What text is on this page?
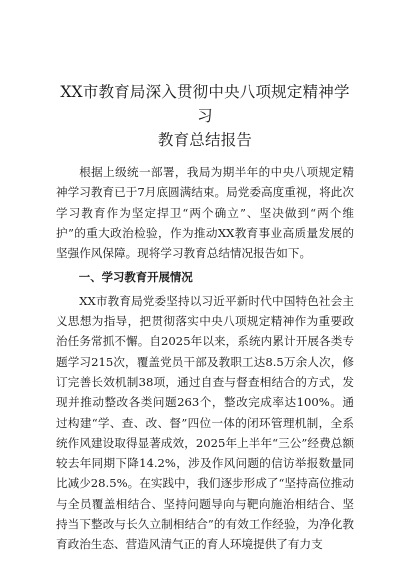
XX市教育局深入贯彻中央八项规定精神学习
教育总结报告

根据上级统一部署，我局为期半年的中央八项规定精神学习教育已于7月底圆满结束。局党委高度重视，将此次学习教育作为坚定捍卫“两个确立”、坚决做到“两个维护”的重大政治检验，作为推动XX教育事业高质量发展的坚强作风保障。现将学习教育总结情况报告如下。

一、学习教育开展情况

XX市教育局党委坚持以习近平新时代中国特色社会主义思想为指导，把贯彻落实中央八项规定精神作为重要政治任务常抓不懈。自2025年以来，系统内累计开展各类专题学习215次，覆盖党员干部及教职工达8.5万余人次，修订完善长效机制38项，通过自查与督查相结合的方式，发现并推动整改各类问题263个，整改完成率达100%。通过构建“学、查、改、督”四位一体的闭环管理机制，全系统作风建设取得显著成效，2025年上半年“三公”经费总额较去年同期下降14.2%，涉及作风问题的信访举报数量同比减少28.5%。在实践中，我们逐步形成了“坚持高位推动与全员覆盖相结合、坚持问题导向与靶向施治相结合、坚持当下整改与长久立制相结合”的有效工作经验，为净化教育政治生态、营造风清气正的育人环境提供了有力支
